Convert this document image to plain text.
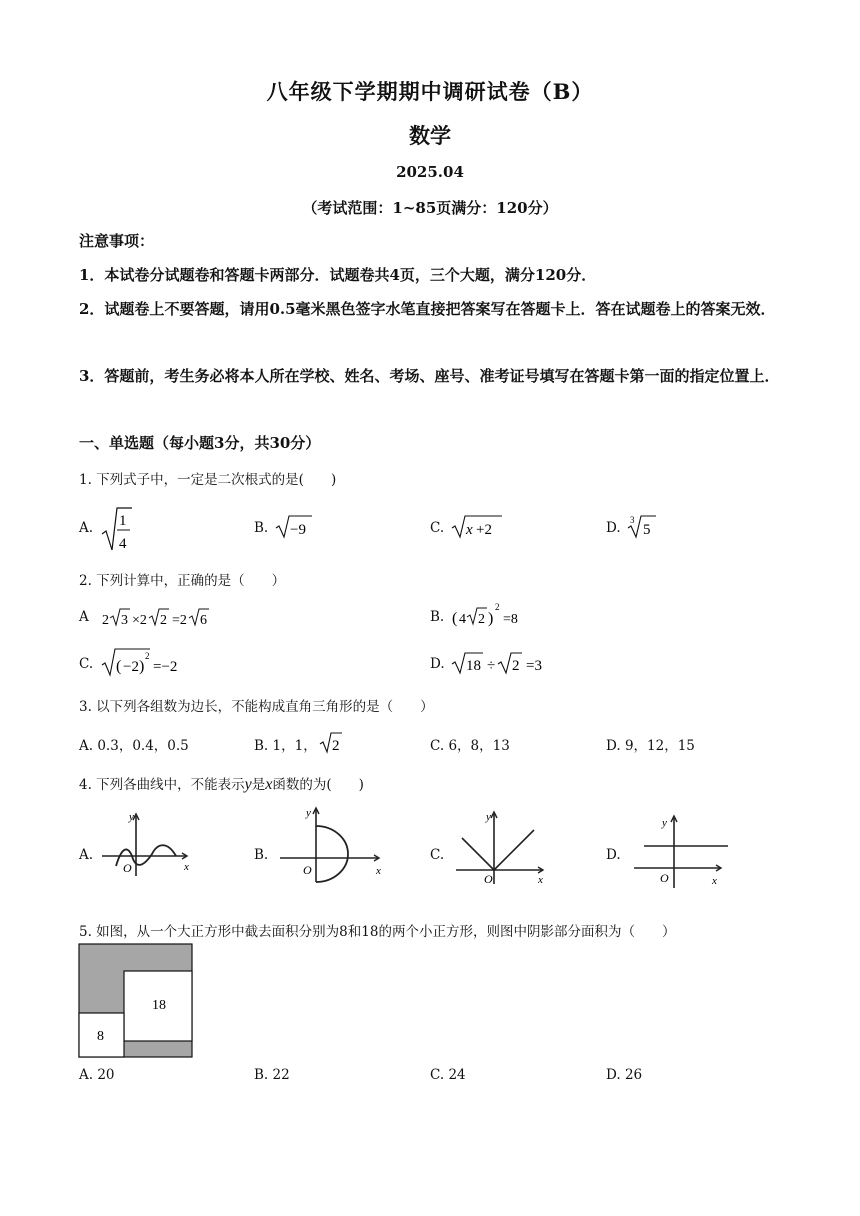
八年级下学期期中调研试卷（B）
数学
2025.04
（考试范围：1~85页满分：120分）
注意事项：
1．本试卷分试题卷和答题卡两部分．试题卷共4页，三个大题，满分120分．
2．试题卷上不要答题，请用0.5毫米黑色签字水笔直接把答案写在答题卡上．答在试题卷上的答案无效．
3．答题前，考生务必将本人所在学校、姓名、考场、座号、准考证号填写在答题卡第一面的指定位置上．
一、单选题（每小题3分，共30分）
1. 下列式子中，一定是二次根式的是(　　)
A. 1
4
B. −9	C. x +2	D. 3
5
2. 下列计算中，正确的是（　　）
A 2 3 ×2 2 =2 6	B. ( 4 2 )
2
=8
C. ( −2 )
2
=−2	D. 18 ÷ 2 =3
3. 以下列各组数为边长，不能构成直角三角形的是（　　）
A. 0.3，0.4，0.5	B. 1，1， 2	C. 6，8，13	D. 9，12，15
4. 下列各曲线中，不能表示y是x函数的为(　　)
A.
y
O	x
B.
y
O	x
C.
y
O	x
D.
y
O	x
5. 如图，从一个大正方形中截去面积分别为8和18的两个小正方形，则图中阴影部分面积为（　　）
18
8
A. 20	B. 22	C. 24	D. 26
